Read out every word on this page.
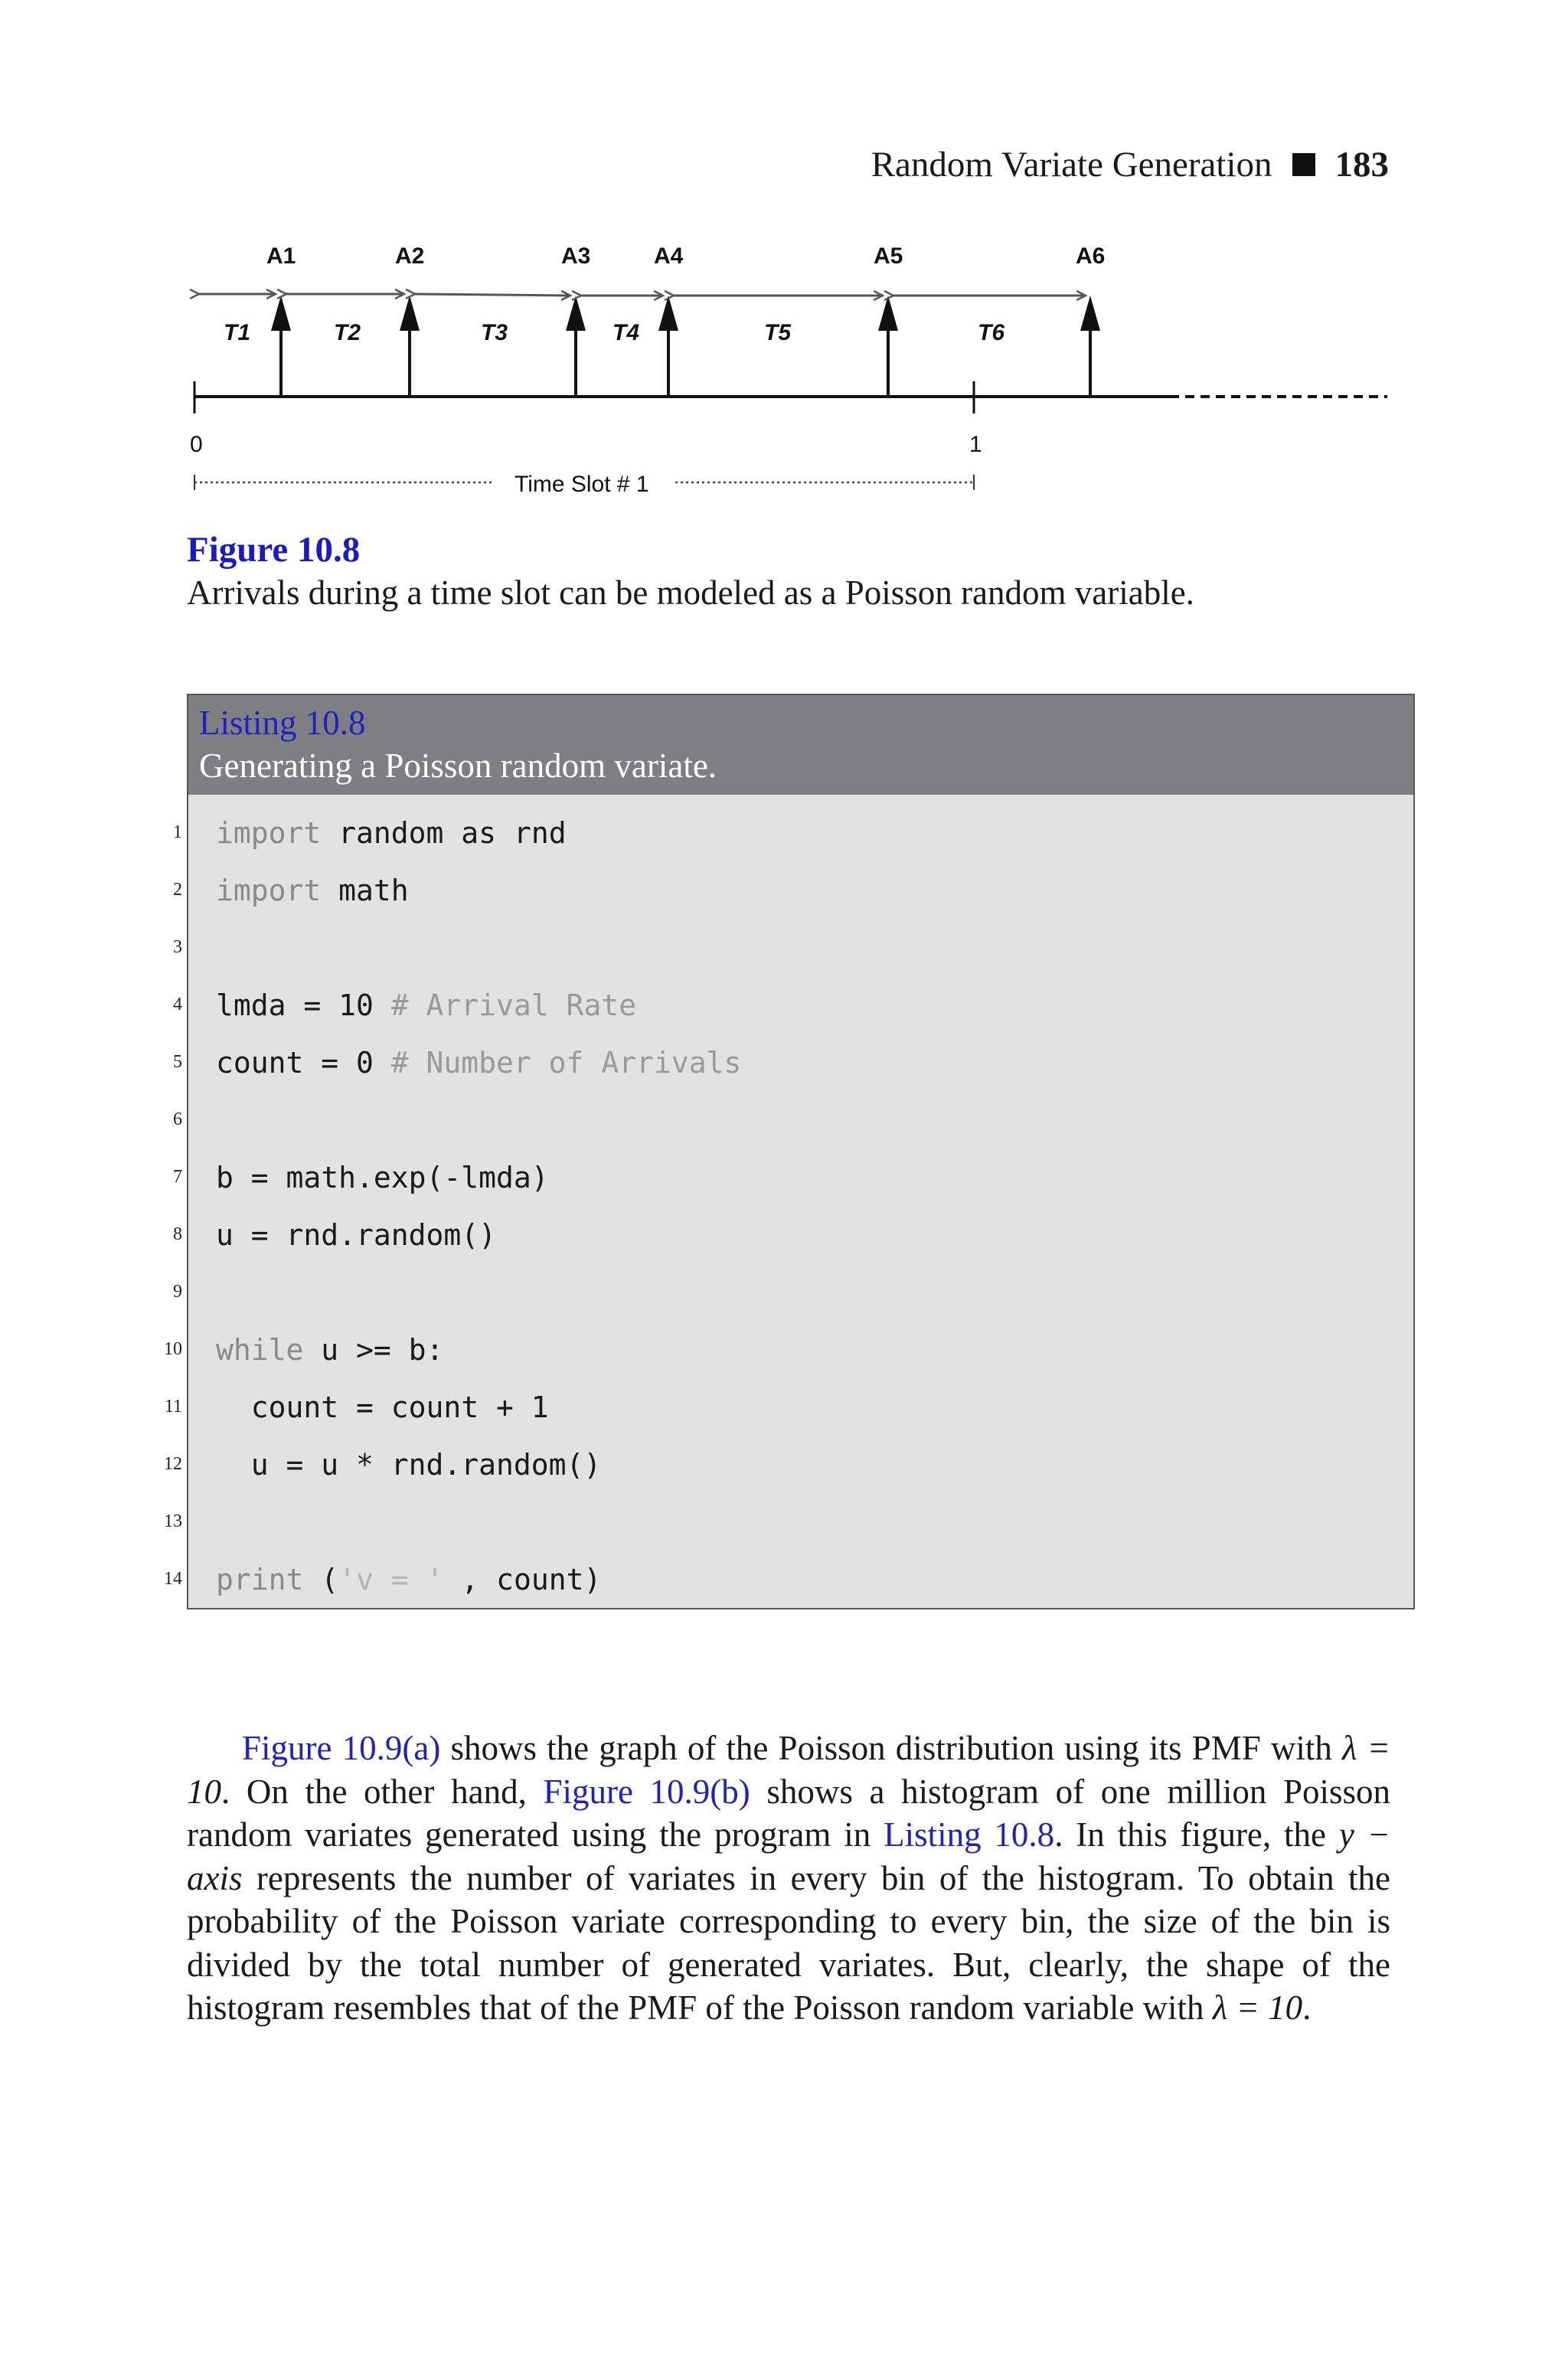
Random Variate Generation 183
0	1
Time Slot # 1
A1	A2	A3	A4	A5	A6
T1	T2	T3	T4	T5	T6
Figure 10.8
Arrivals during a time slot can be modeled as a Poisson random variable.
Listing 10.8
Generating a Poisson random variate.
1 import random as rnd
2 import math
3
4 lmda = 10 # Arrival Rate
5 count = 0 # Number of Arrivals
6
7 b = math.exp(-lmda)
8 u = rnd.random()
9
10 while u >= b:
11 count = count + 1
12 u = u * rnd.random()
13
14 print ('v = ' , count)

Figure 10.9(a) shows the graph of the Poisson distribution using its PMF with λ = 10. On the other hand, Figure 10.9(b) shows a histogram of one million Poisson random variates generated using the program in Listing 10.8. In this figure, the y − axis represents the number of variates in every bin of the histogram. To obtain the probability of the Poisson variate corresponding to every bin, the size of the bin is divided by the total number of generated variates. But, clearly, the shape of the histogram resembles that of the PMF of the Poisson random variable with λ = 10.
